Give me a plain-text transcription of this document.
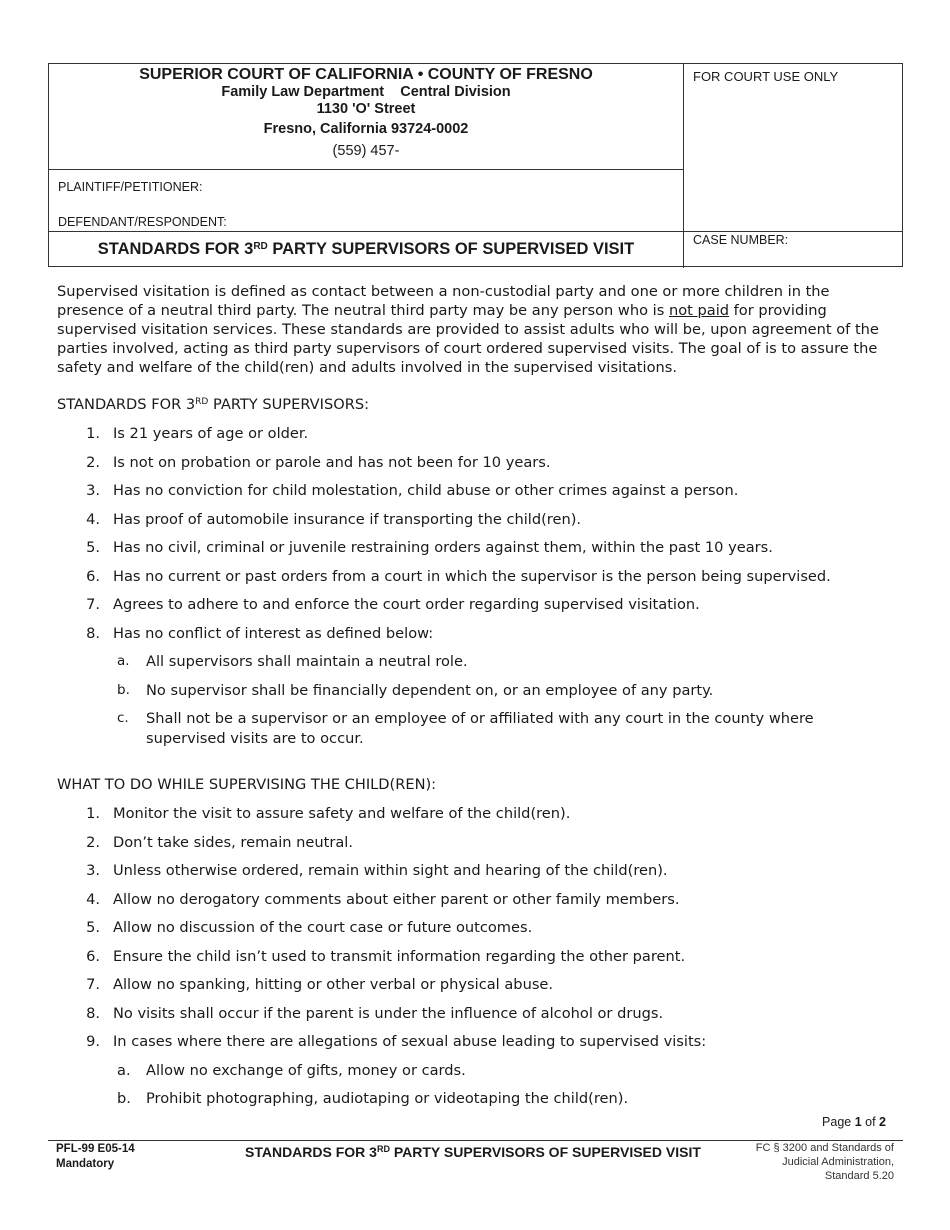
SUPERIOR COURT OF CALIFORNIA • COUNTY OF FRESNO
Family Law Department    Central Division
1130 'O' Street
Fresno, California 93724-0002
(559) 457-
FOR COURT USE ONLY
PLAINTIFF/PETITIONER:
DEFENDANT/RESPONDENT:
STANDARDS FOR 3RD PARTY SUPERVISORS OF SUPERVISED VISIT	CASE NUMBER:
Supervised visitation is defined as contact between a non-custodial party and one or more children in the presence of a neutral third party. The neutral third party may be any person who is not paid for providing supervised visitation services. These standards are provided to assist adults who will be, upon agreement of the parties involved, acting as third party supervisors of court ordered supervised visits. The goal of is to assure the safety and welfare of the child(ren) and adults involved in the supervised visitations.
STANDARDS FOR 3RD PARTY SUPERVISORS:
1. Is 21 years of age or older.
2. Is not on probation or parole and has not been for 10 years.
3. Has no conviction for child molestation, child abuse or other crimes against a person.
4. Has proof of automobile insurance if transporting the child(ren).
5. Has no civil, criminal or juvenile restraining orders against them, within the past 10 years.
6. Has no current or past orders from a court in which the supervisor is the person being supervised.
7. Agrees to adhere to and enforce the court order regarding supervised visitation.
8. Has no conflict of interest as defined below:
a. All supervisors shall maintain a neutral role.
b. No supervisor shall be financially dependent on, or an employee of any party.
c. Shall not be a supervisor or an employee of or affiliated with any court in the county where supervised visits are to occur.
WHAT TO DO WHILE SUPERVISING THE CHILD(REN):
1. Monitor the visit to assure safety and welfare of the child(ren).
2. Don’t take sides, remain neutral.
3. Unless otherwise ordered, remain within sight and hearing of the child(ren).
4. Allow no derogatory comments about either parent or other family members.
5. Allow no discussion of the court case or future outcomes.
6. Ensure the child isn’t used to transmit information regarding the other parent.
7. Allow no spanking, hitting or other verbal or physical abuse.
8. No visits shall occur if the parent is under the influence of alcohol or drugs.
9. In cases where there are allegations of sexual abuse leading to supervised visits:
a. Allow no exchange of gifts, money or cards.
b. Prohibit photographing, audiotaping or videotaping the child(ren).
Page 1 of 2
PFL-99 E05-14
Mandatory
STANDARDS FOR 3RD PARTY SUPERVISORS OF SUPERVISED VISIT	FC § 3200 and Standards of
Judicial Administration,
Standard 5.20
